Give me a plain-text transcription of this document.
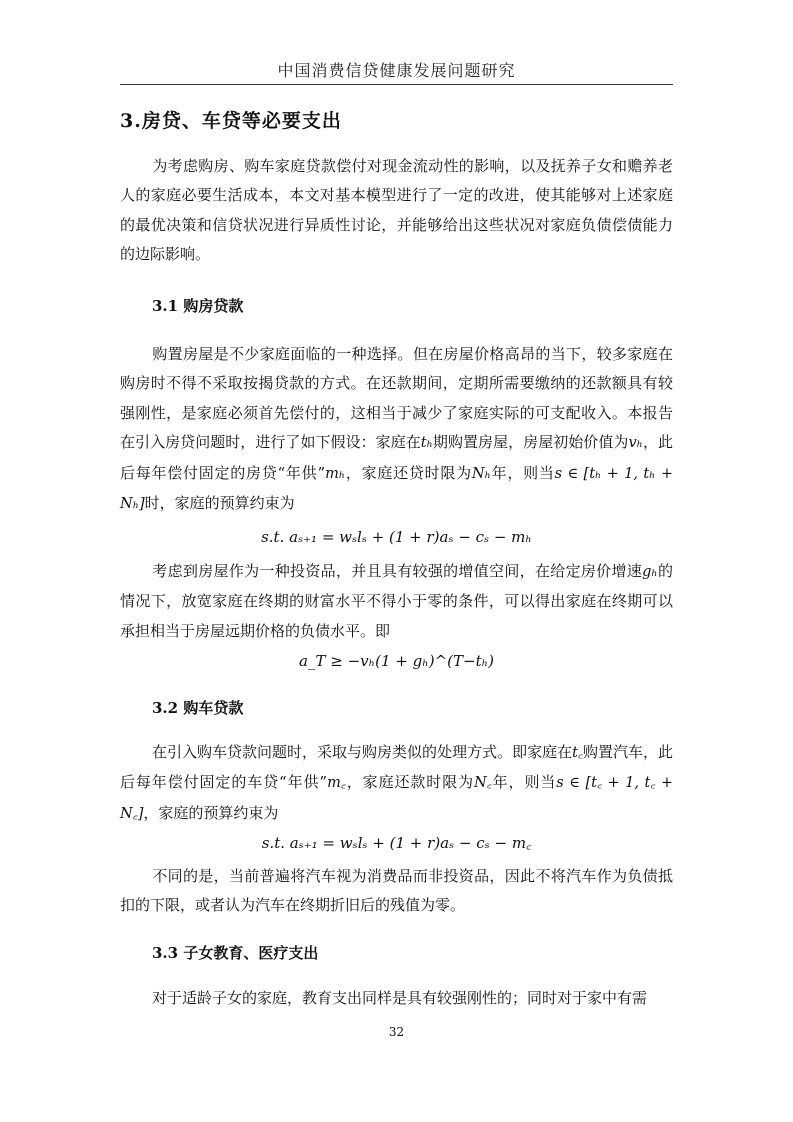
中国消费信贷健康发展问题研究
3.房贷、车贷等必要支出
为考虑购房、购车家庭贷款偿付对现金流动性的影响，以及抚养子女和赡养老人的家庭必要生活成本，本文对基本模型进行了一定的改进，使其能够对上述家庭的最优决策和信贷状况进行异质性讨论，并能够给出这些状况对家庭负债偿债能力的边际影响。
3.1 购房贷款
购置房屋是不少家庭面临的一种选择。但在房屋价格高昂的当下，较多家庭在购房时不得不采取按揭贷款的方式。在还款期间，定期所需要缴纳的还款额具有较强刚性，是家庭必须首先偿付的，这相当于减少了家庭实际的可支配收入。本报告在引入房贷问题时，进行了如下假设：家庭在tₕ期购置房屋，房屋初始价值为vₕ，此后每年偿付固定的房贷“年供”mₕ，家庭还贷时限为Nₕ年，则当s ∈ [tₕ + 1, tₕ + Nₕ]时，家庭的预算约束为
s.t. aₛ₊₁ = wₛlₛ + (1 + r)aₛ − cₛ − mₕ
考虑到房屋作为一种投资品，并且具有较强的增值空间，在给定房价增速gₕ的情况下，放宽家庭在终期的财富水平不得小于零的条件，可以得出家庭在终期可以承担相当于房屋远期价格的负债水平。即
a_T ≥ −vₕ(1 + gₕ)^(T−tₕ)
3.2 购车贷款
在引入购车贷款问题时，采取与购房类似的处理方式。即家庭在t꜀购置汽车，此后每年偿付固定的车贷“年供”m꜀，家庭还款时限为N꜀年，则当s ∈ [t꜀ + 1, t꜀ + N꜀]，家庭的预算约束为
s.t. aₛ₊₁ = wₛlₛ + (1 + r)aₛ − cₛ − m꜀
不同的是，当前普遍将汽车视为消费品而非投资品，因此不将汽车作为负债抵扣的下限，或者认为汽车在终期折旧后的残值为零。
3.3 子女教育、医疗支出
对于适龄子女的家庭，教育支出同样是具有较强刚性的；同时对于家中有需
32
